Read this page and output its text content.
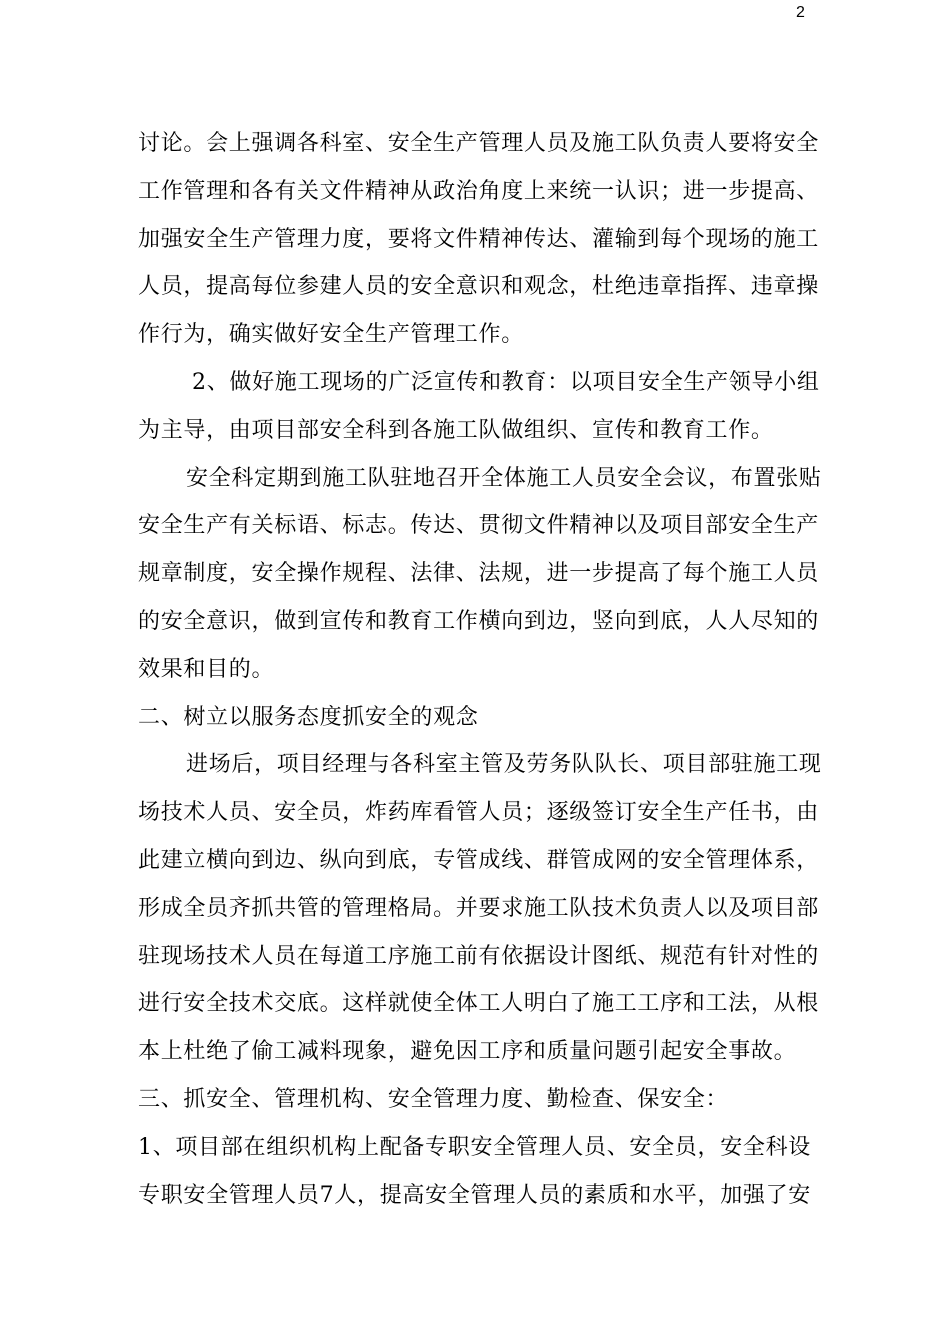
2
讨论。会上强调各科室、安全生产管理人员及施工队负责人要将安全
工作管理和各有关文件精神从政治角度上来统一认识；进一步提高、
加强安全生产管理力度，要将文件精神传达、灌输到每个现场的施工
人员，提高每位参建人员的安全意识和观念，杜绝违章指挥、违章操
作行为，确实做好安全生产管理工作。
2、做好施工现场的广泛宣传和教育：以项目安全生产领导小组
为主导，由项目部安全科到各施工队做组织、宣传和教育工作。
安全科定期到施工队驻地召开全体施工人员安全会议，布置张贴
安全生产有关标语、标志。传达、贯彻文件精神以及项目部安全生产
规章制度，安全操作规程、法律、法规，进一步提高了每个施工人员
的安全意识，做到宣传和教育工作横向到边，竖向到底，人人尽知的
效果和目的。
二、树立以服务态度抓安全的观念
进场后，项目经理与各科室主管及劳务队队长、项目部驻施工现
场技术人员、安全员，炸药库看管人员；逐级签订安全生产任书，由
此建立横向到边、纵向到底，专管成线、群管成网的安全管理体系，
形成全员齐抓共管的管理格局。并要求施工队技术负责人以及项目部
驻现场技术人员在每道工序施工前有依据设计图纸、规范有针对性的
进行安全技术交底。这样就使全体工人明白了施工工序和工法，从根
本上杜绝了偷工减料现象，避免因工序和质量问题引起安全事故。
三、抓安全、管理机构、安全管理力度、勤检查、保安全：
1、项目部在组织机构上配备专职安全管理人员、安全员，安全科设
专职安全管理人员7人，提高安全管理人员的素质和水平，加强了安
